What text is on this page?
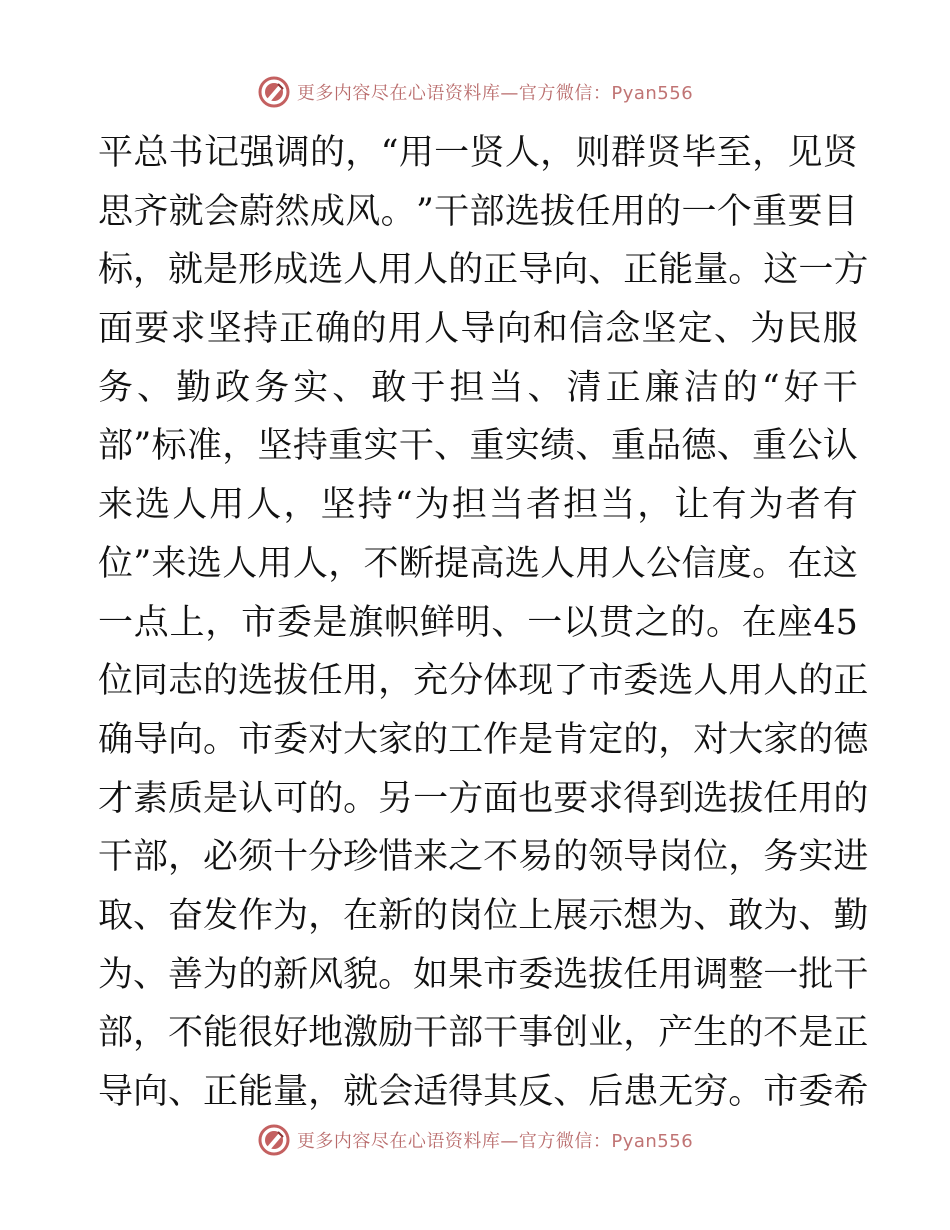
更多内容尽在心语资料库—官方微信：Pyan556
平 总 书 记 强 调 的 ， “ 用 一 贤 人 ， 则 群 贤 毕 至 ， 见 贤
思 齐 就 会 蔚 然 成 风 。 ” 干 部 选 拔 任 用 的 一 个 重 要 目
标 ， 就 是 形 成 选 人 用 人 的 正 导 向 、 正 能 量 。 这 一 方
面 要 求 坚 持 正 确 的 用 人 导 向 和 信 念 坚 定 、 为 民 服
务 、 勤 政 务 实 、 敢 于 担 当 、 清 正 廉 洁 的 “ 好 干
部 ” 标 准 ， 坚 持 重 实 干 、 重 实 绩 、 重 品 德 、 重 公 认
来 选 人 用 人 ， 坚 持 “ 为 担 当 者 担 当 ， 让 有 为 者 有
位 ” 来 选 人 用 人 ， 不 断 提 高 选 人 用 人 公 信 度 。 在 这
一 点 上 ， 市 委 是 旗 帜 鲜 明 、 一 以 贯 之 的 。 在 座 45
位 同 志 的 选 拔 任 用 ， 充 分 体 现 了 市 委 选 人 用 人 的 正
确 导 向 。 市 委 对 大 家 的 工 作 是 肯 定 的 ， 对 大 家 的 德
才 素 质 是 认 可 的 。 另 一 方 面 也 要 求 得 到 选 拔 任 用 的
干 部 ， 必 须 十 分 珍 惜 来 之 不 易 的 领 导 岗 位 ， 务 实 进
取 、 奋 发 作 为 ， 在 新 的 岗 位 上 展 示 想 为 、 敢 为 、 勤
为 、 善 为 的 新 风 貌 。 如 果 市 委 选 拔 任 用 调 整 一 批 干
部 ， 不 能 很 好 地 激 励 干 部 干 事 创 业 ， 产 生 的 不 是 正
导 向 、 正 能 量 ， 就 会 适 得 其 反 、 后 患 无 穷 。 市 委 希
更多内容尽在心语资料库—官方微信：Pyan556
